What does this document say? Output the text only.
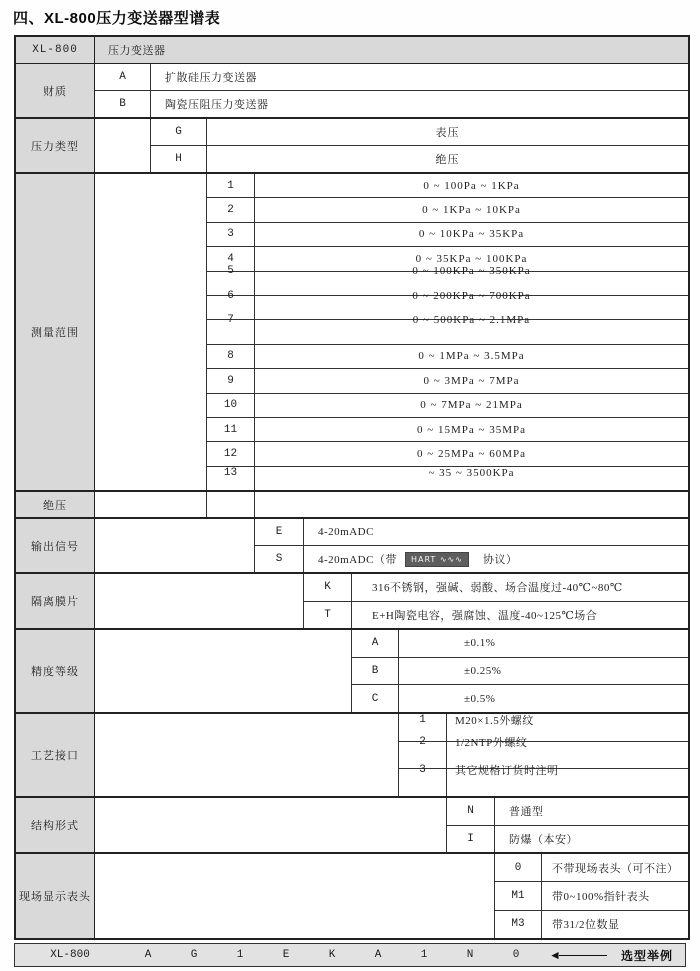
四、XL-800压力变送器型谱表
XL-800	压力变送器
财质
A	扩散硅压力变送器
B	陶瓷压阻压力变送器
压力类型
G	表压
H	绝压
测量范围
1	0 ~ 100Pa ~ 1KPa
2	0 ~ 1KPa ~ 10KPa
3	0 ~ 10KPa ~ 35KPa
4	0 ~ 35KPa ~ 100KPa
5	0 ~ 100KPa ~ 350KPa
6	0 ~ 200KPa ~ 700KPa
7	0 ~ 500KPa ~ 2.1MPa
8	0 ~ 1MPa ~ 3.5MPa
9	0 ~ 3MPa ~ 7MPa
10	0 ~ 7MPa ~ 21MPa
11	0 ~ 15MPa ~ 35MPa
12	0 ~ 25MPa ~ 60MPa
13	~ 35 ~ 3500KPa
绝压
输出信号
E	4-20mADC
S	4-20mADC（带	HART ∿∿∿	协议）
隔离膜片
K	316不锈钢，强碱、弱酸、场合温度过-40℃~80℃
T	E+H陶瓷电容，强腐蚀、温度-40~125℃场合
精度等级
A	±0.1%
B	±0.25%
C	±0.5%
工艺接口
1	M20×1.5外螺纹
2	1/2NTP外螺纹
3	其它规格订货时注明
结构形式
N	普通型
I	防爆（本安）
现场显示表头
0	不带现场表头（可不注）
M1 带0~100%指针表头
M3 带31/2位数显
XL-800	A	G	1	E	K	A	1	N	0	◄	选型举例
